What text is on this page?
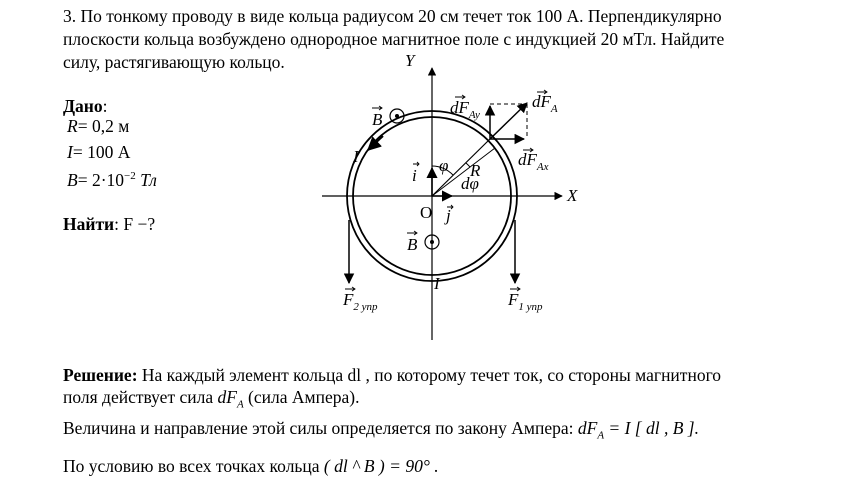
3. По тонкому проводу в виде кольца радиусом 20 см течет ток 100 А. Перпендикулярно
плоскости кольца возбуждено однородное магнитное поле с индукцией 20 мТл. Найдите
силу, растягивающую кольцо.
Дано:
R= 0,2 м
I= 100 А
$B= 2\cdot 10^{-2}$ Тл
Найти: F −?
Y
X
O
i
j
B
B
I
I
R
φ
dφ
$dF_A$
$dF_{Ay}$
$dF_{Ax}$
$F_{2 упр}$	$F_{1 упр}$
Решение: На каждый элемент кольца dl , по которому течет ток, со стороны магнитного
поля действует сила $dF_A$ (сила Ампера).
Величина и направление этой силы определяется по закону Ампера: $dF_A = I$ [ dl , B ].
По условию во всех точках кольца ( dl ^ B ) = 90° .
